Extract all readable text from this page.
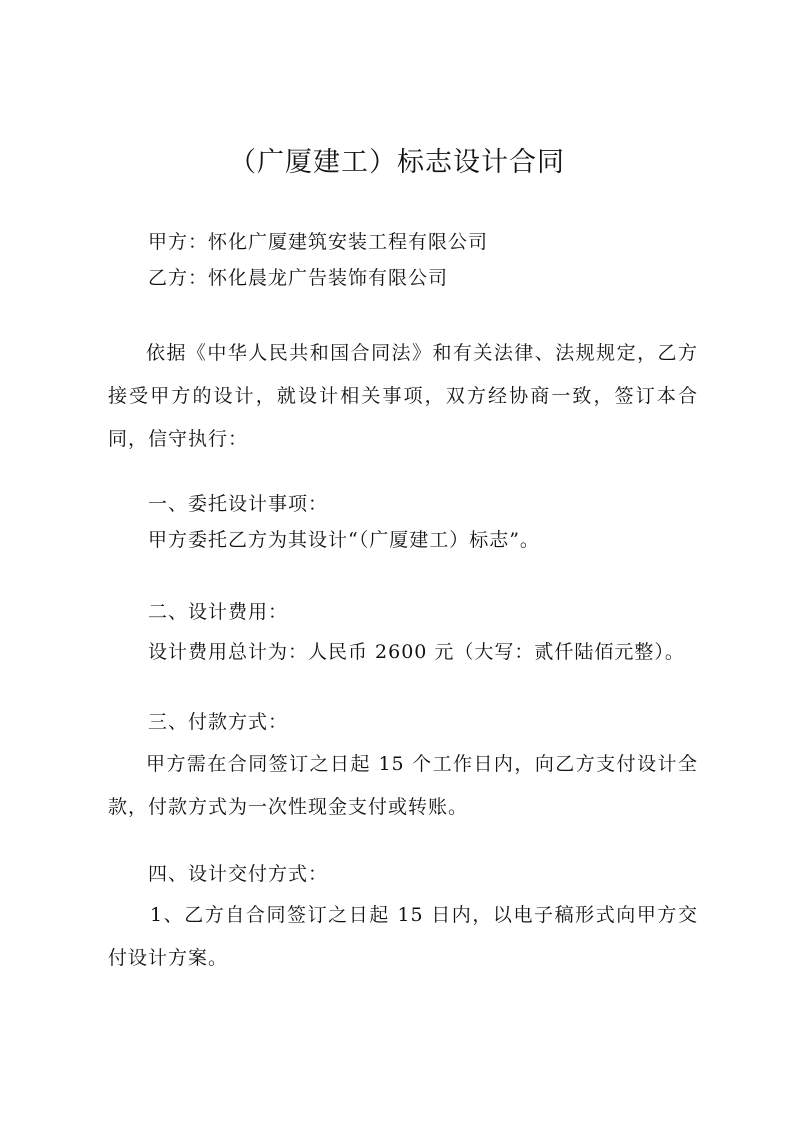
（广厦建工）标志设计合同
甲方：怀化广厦建筑安装工程有限公司
乙方：怀化晨龙广告装饰有限公司

依据《中华人民共和国合同法》和有关法律、法规规定，乙方接受甲方的设计，就设计相关事项，双方经协商一致，签订本合同，信守执行：

一、委托设计事项：
甲方委托乙方为其设计“（广厦建工）标志”。
二、设计费用：
设计费用总计为：人民币 2600 元（大写：贰仟陆佰元整）。
三、付款方式：

甲方需在合同签订之日起 15 个工作日内，向乙方支付设计全款，付款方式为一次性现金支付或转账。

四、设计交付方式：

1、乙方自合同签订之日起 15 日内，以电子稿形式向甲方交付设计方案。
